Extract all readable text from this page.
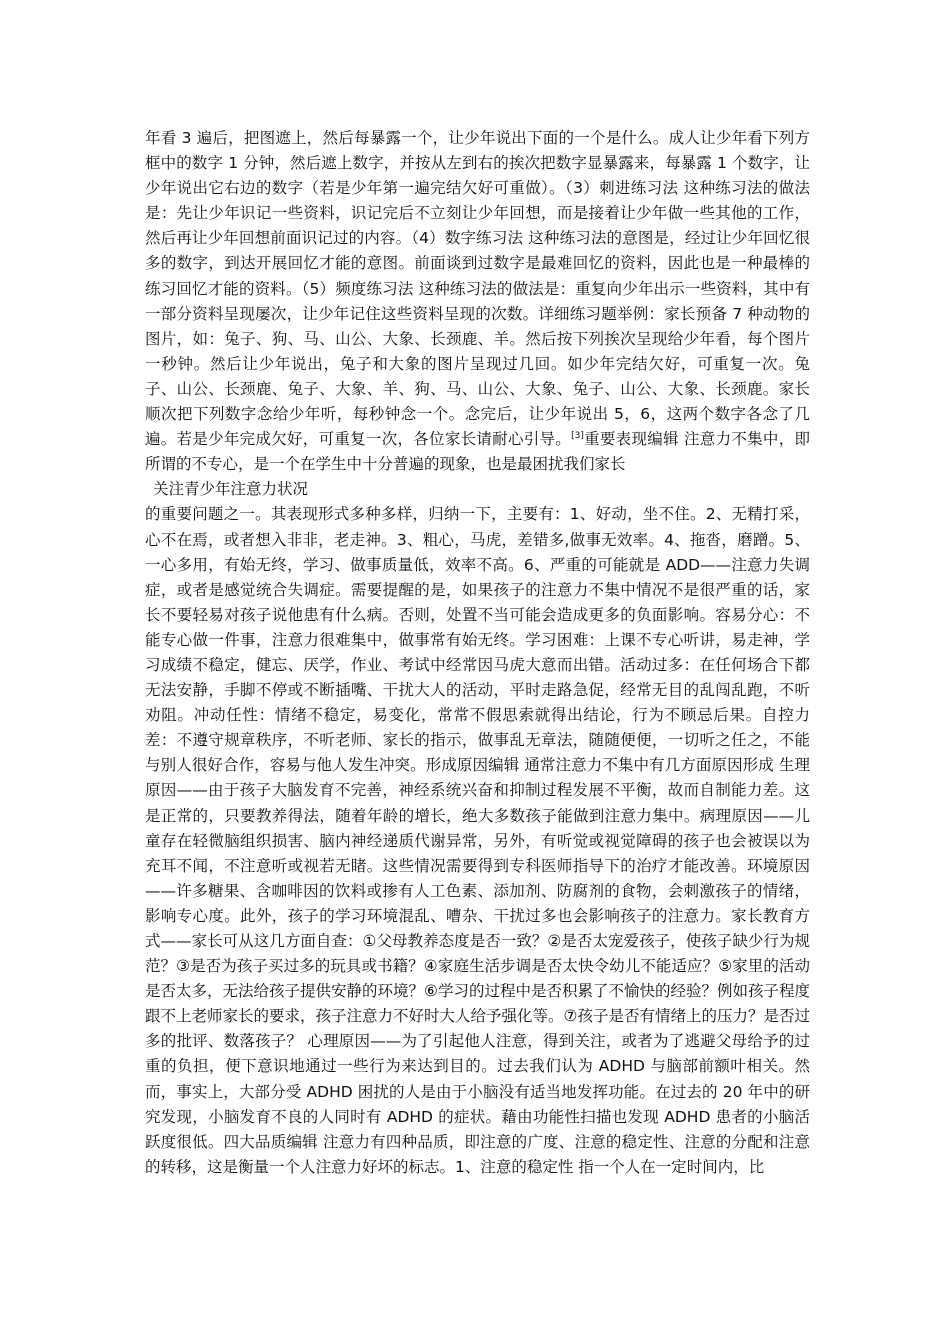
年看 3 遍后，把图遮上，然后每暴露一个，让少年说出下面的一个是什么。成人让少年看下列方框中的数字 1 分钟，然后遮上数字，并按从左到右的挨次把数字显暴露来，每暴露 1 个数字，让少年说出它右边的数字（若是少年第一遍完结欠好可重做）。（3）刺进练习法 这种练习法的做法是：先让少年识记一些资料，识记完后不立刻让少年回想，而是接着让少年做一些其他的工作，然后再让少年回想前面识记过的内容。（4）数字练习法 这种练习法的意图是，经过让少年回忆很多的数字，到达开展回忆才能的意图。前面谈到过数字是最难回忆的资料，因此也是一种最棒的练习回忆才能的资料。（5）频度练习法 这种练习法的做法是：重复向少年出示一些资料，其中有一部分资料呈现屡次，让少年记住这些资料呈现的次数。详细练习题举例：家长预备 7 种动物的图片，如：兔子、狗、马、山公、大象、长颈鹿、羊。然后按下列挨次呈现给少年看，每个图片一秒钟。然后让少年说出，兔子和大象的图片呈现过几回。如少年完结欠好，可重复一次。兔子、山公、长颈鹿、兔子、大象、羊、狗、马、山公、大象、兔子、山公、大象、长颈鹿。家长顺次把下列数字念给少年听，每秒钟念一个。念完后，让少年说出 5，6，这两个数字各念了几遍。若是少年完成欠好，可重复一次，各位家长请耐心引导。[3]重要表现编辑 注意力不集中，即所谓的不专心，是一个在学生中十分普遍的现象，也是最困扰我们家长

关注青少年注意力状况

的重要问题之一。其表现形式多种多样，归纳一下，主要有：1、好动，坐不住。2、无精打采，心不在焉，或者想入非非，老走神。3、粗心，马虎，差错多,做事无效率。4、拖沓，磨蹭。5、一心多用，有始无终，学习、做事质量低，效率不高。6、严重的可能就是 ADD——注意力失调症，或者是感觉统合失调症。需要提醒的是，如果孩子的注意力不集中情况不是很严重的话，家长不要轻易对孩子说他患有什么病。否则，处置不当可能会造成更多的负面影响。容易分心：不能专心做一件事，注意力很难集中，做事常有始无终。学习困难：上课不专心听讲，易走神，学习成绩不稳定，健忘、厌学，作业、考试中经常因马虎大意而出错。活动过多：在任何场合下都无法安静，手脚不停或不断插嘴、干扰大人的活动，平时走路急促，经常无目的乱闯乱跑，不听劝阻。冲动任性：情绪不稳定，易变化，常常不假思索就得出结论，行为不顾忌后果。自控力差：不遵守规章秩序，不听老师、家长的指示，做事乱无章法，随随便便，一切听之任之，不能与别人很好合作，容易与他人发生冲突。形成原因编辑 通常注意力不集中有几方面原因形成 生理原因——由于孩子大脑发育不完善，神经系统兴奋和抑制过程发展不平衡，故而自制能力差。这是正常的，只要教养得法，随着年龄的增长，绝大多数孩子能做到注意力集中。病理原因——儿童存在轻微脑组织损害、脑内神经递质代谢异常，另外，有听觉或视觉障碍的孩子也会被误以为充耳不闻，不注意听或视若无睹。这些情况需要得到专科医师指导下的治疗才能改善。环境原因——许多糖果、含咖啡因的饮料或掺有人工色素、添加剂、防腐剂的食物，会刺激孩子的情绪，影响专心度。此外，孩子的学习环境混乱、嘈杂、干扰过多也会影响孩子的注意力。家长教育方式——家长可从这几方面自查：①父母教养态度是否一致？②是否太宠爱孩子，使孩子缺少行为规范？③是否为孩子买过多的玩具或书籍？④家庭生活步调是否太快令幼儿不能适应？⑤家里的活动是否太多，无法给孩子提供安静的环境？⑥学习的过程中是否积累了不愉快的经验？例如孩子程度跟不上老师家长的要求，孩子注意力不好时大人给予强化等。⑦孩子是否有情绪上的压力？是否过多的批评、数落孩子？ 心理原因——为了引起他人注意，得到关注，或者为了逃避父母给予的过重的负担，便下意识地通过一些行为来达到目的。过去我们认为 ADHD 与脑部前额叶相关。然而，事实上，大部分受 ADHD 困扰的人是由于小脑没有适当地发挥功能。在过去的 20 年中的研究发现，小脑发育不良的人同时有 ADHD 的症状。藉由功能性扫描也发现 ADHD 患者的小脑活跃度很低。四大品质编辑 注意力有四种品质，即注意的广度、注意的稳定性、注意的分配和注意的转移，这是衡量一个人注意力好坏的标志。1、注意的稳定性 指一个人在一定时间内，比
